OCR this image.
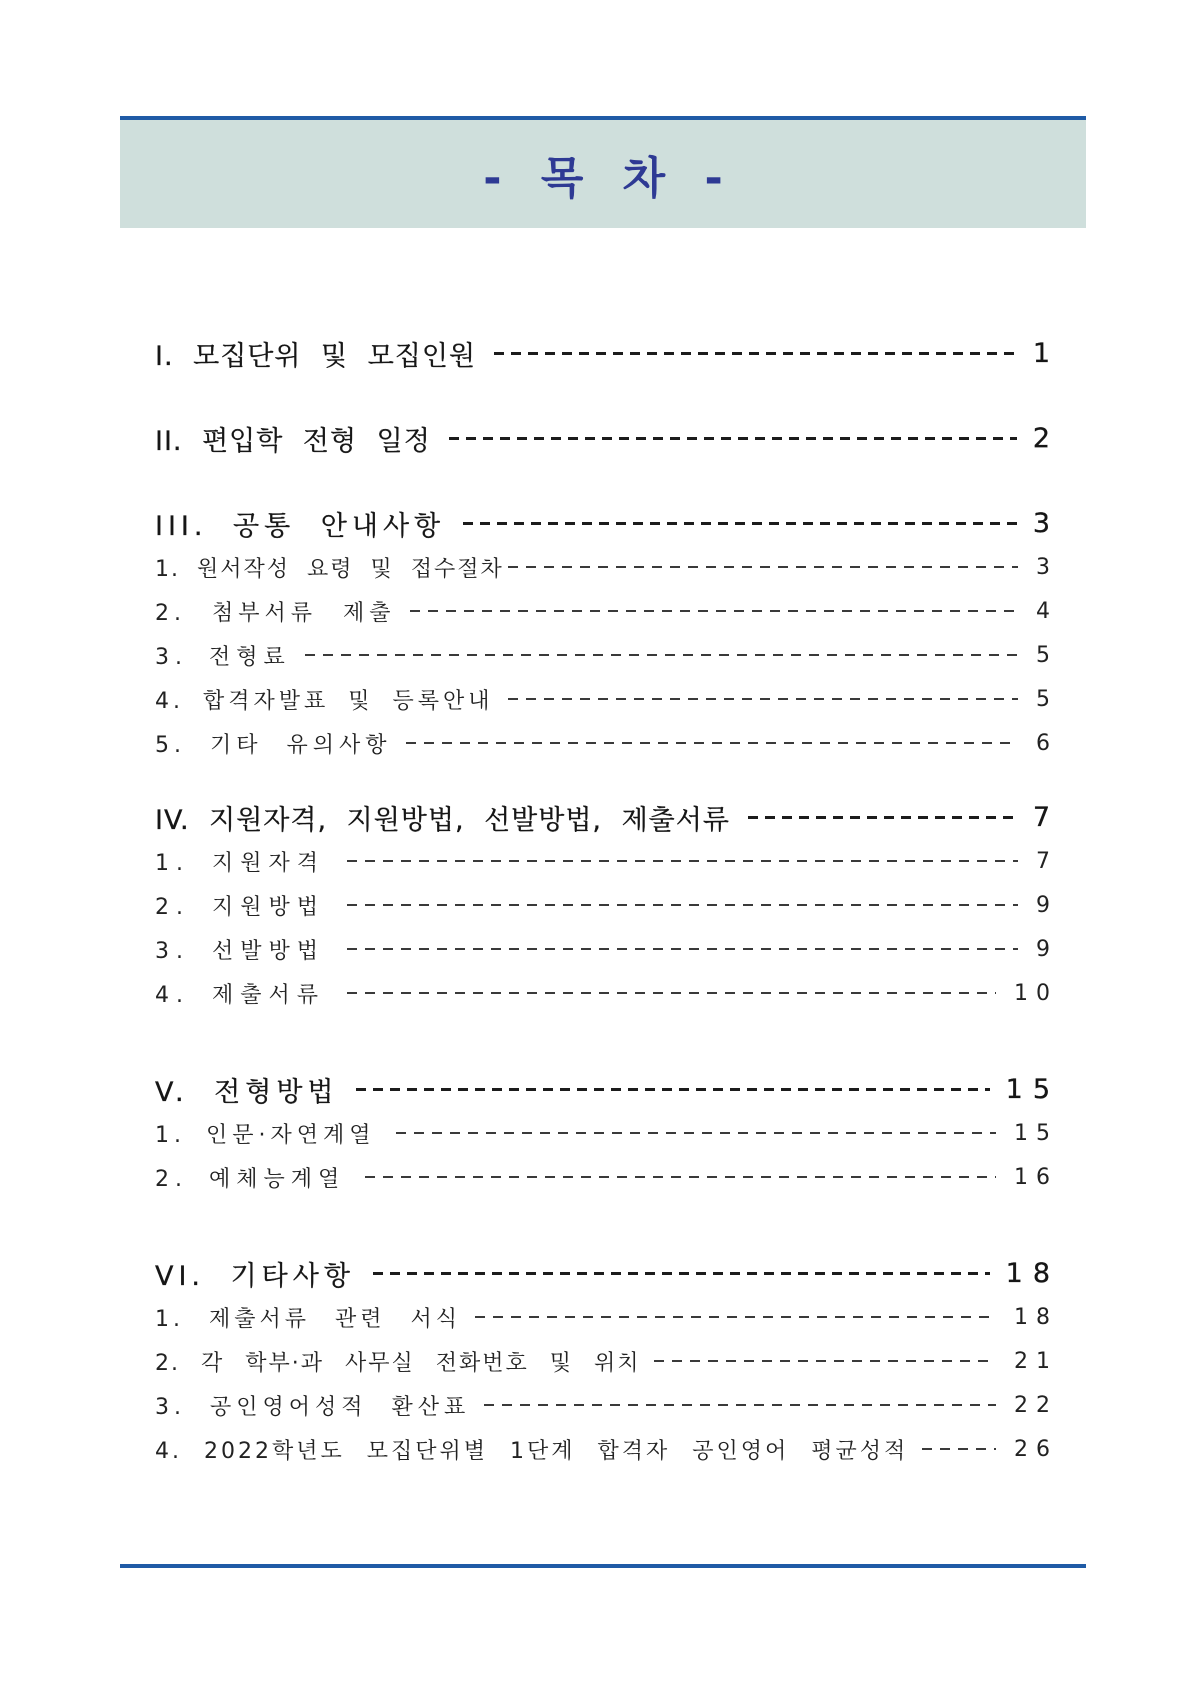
- 목 차 -
I. 모집단위 및 모집인원	1
II. 편입학 전형 일정	2
III. 공통 안내사항	3
1. 원서작성 요령 및 접수절차	3
2. 첨부서류 제출	4
3. 전형료	5
4. 합격자발표 및 등록안내	5
5. 기타 유의사항	6
IV. 지원자격, 지원방법, 선발방법, 제출서류	7
1. 지원자격	7
2. 지원방법	9
3. 선발방법	9
4. 제출서류	10
V. 전형방법	15
1. 인문·자연계열	15
2. 예체능계열	16
VI. 기타사항	18
1. 제출서류 관련 서식	18
2. 각 학부·과 사무실 전화번호 및 위치	21
3. 공인영어성적 환산표	22
4. 2022학년도 모집단위별 1단계 합격자 공인영어 평균성적	26
